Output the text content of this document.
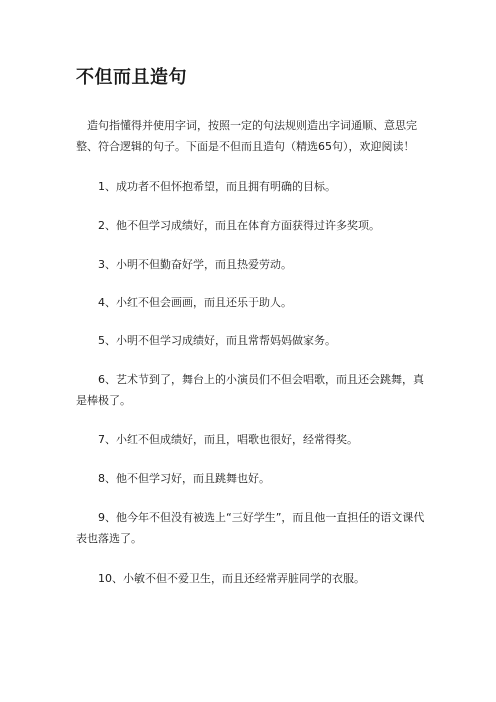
不但而且造句

造句指懂得并使用字词，按照一定的句法规则造出字词通顺、意思完整、符合逻辑的句子。下面是不但而且造句（精选65句），欢迎阅读！

1、成功者不但怀抱希望，而且拥有明确的目标。

2、他不但学习成绩好，而且在体育方面获得过许多奖项。

3、小明不但勤奋好学，而且热爱劳动。

4、小红不但会画画，而且还乐于助人。

5、小明不但学习成绩好，而且常帮妈妈做家务。

6、艺术节到了，舞台上的小演员们不但会唱歌，而且还会跳舞，真是棒极了。

7、小红不但成绩好，而且，唱歌也很好，经常得奖。

8、他不但学习好，而且跳舞也好。

9、他今年不但没有被选上“三好学生”，而且他一直担任的语文课代表也落选了。

10、小敏不但不爱卫生，而且还经常弄脏同学的衣服。
